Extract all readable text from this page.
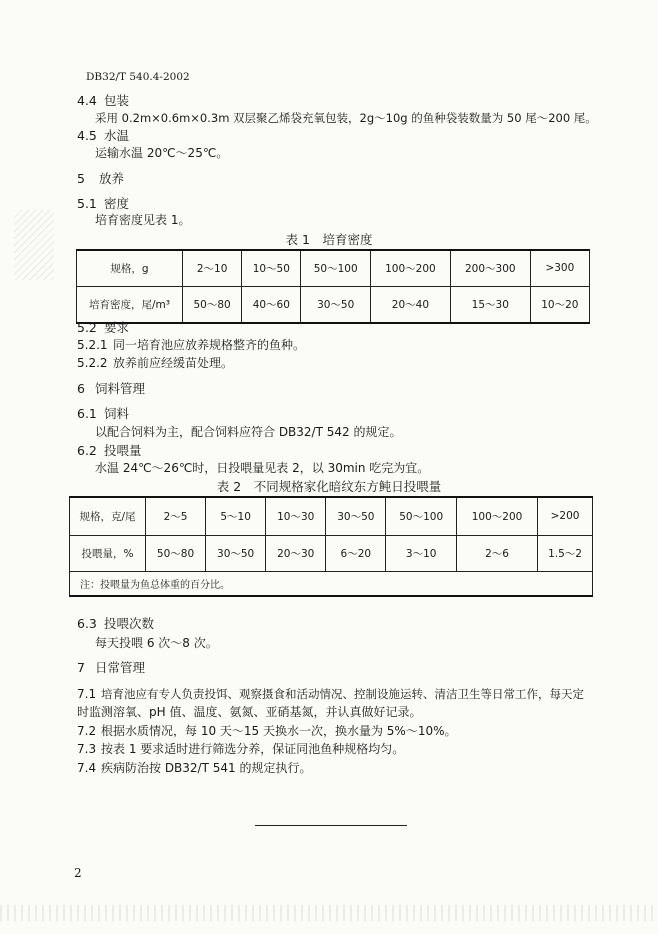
DB32/T 540.4-2002
4.4 包装
采用 0.2m×0.6m×0.3m 双层聚乙烯袋充氧包装，2g～10g 的鱼种袋装数量为 50 尾～200 尾。
4.5 水温
运输水温 20℃～25℃。
5 放养
5.1 密度
培育密度见表 1。
表 1　培育密度
规格，g	2～10	10～50	50～100	100～200	200～300	>300
培育密度，尾/m³	50～80	40～60	30～50	20～40	15～30	10～20
5.2 要求
5.2.1 同一培育池应放养规格整齐的鱼种。
5.2.2 放养前应经缓苗处理。
6 饲料管理
6.1 饲料
以配合饲料为主，配合饲料应符合 DB32/T 542 的规定。
6.2 投喂量
水温 24℃～26℃时，日投喂量见表 2，以 30min 吃完为宜。
表 2　不同规格家化暗纹东方鲀日投喂量
规格，克/尾	2～5	5～10	10～30	30～50	50～100	100～200	>200
投喂量，%	50～80	30～50	20～30	6～20	3～10	2～6	1.5～2
注：投喂量为鱼总体重的百分比。							
6.3 投喂次数
每天投喂 6 次～8 次。
7 日常管理
7.1 培育池应有专人负责投饵、观察摄食和活动情况、控制设施运转、清洁卫生等日常工作，每天定
时监测溶氧、pH 值、温度、氨氮、亚硝基氮，并认真做好记录。
7.2 根据水质情况，每 10 天～15 天换水一次，换水量为 5%～10%。
7.3 按表 1 要求适时进行筛选分养，保证同池鱼种规格均匀。
7.4 疾病防治按 DB32/T 541 的规定执行。
2
